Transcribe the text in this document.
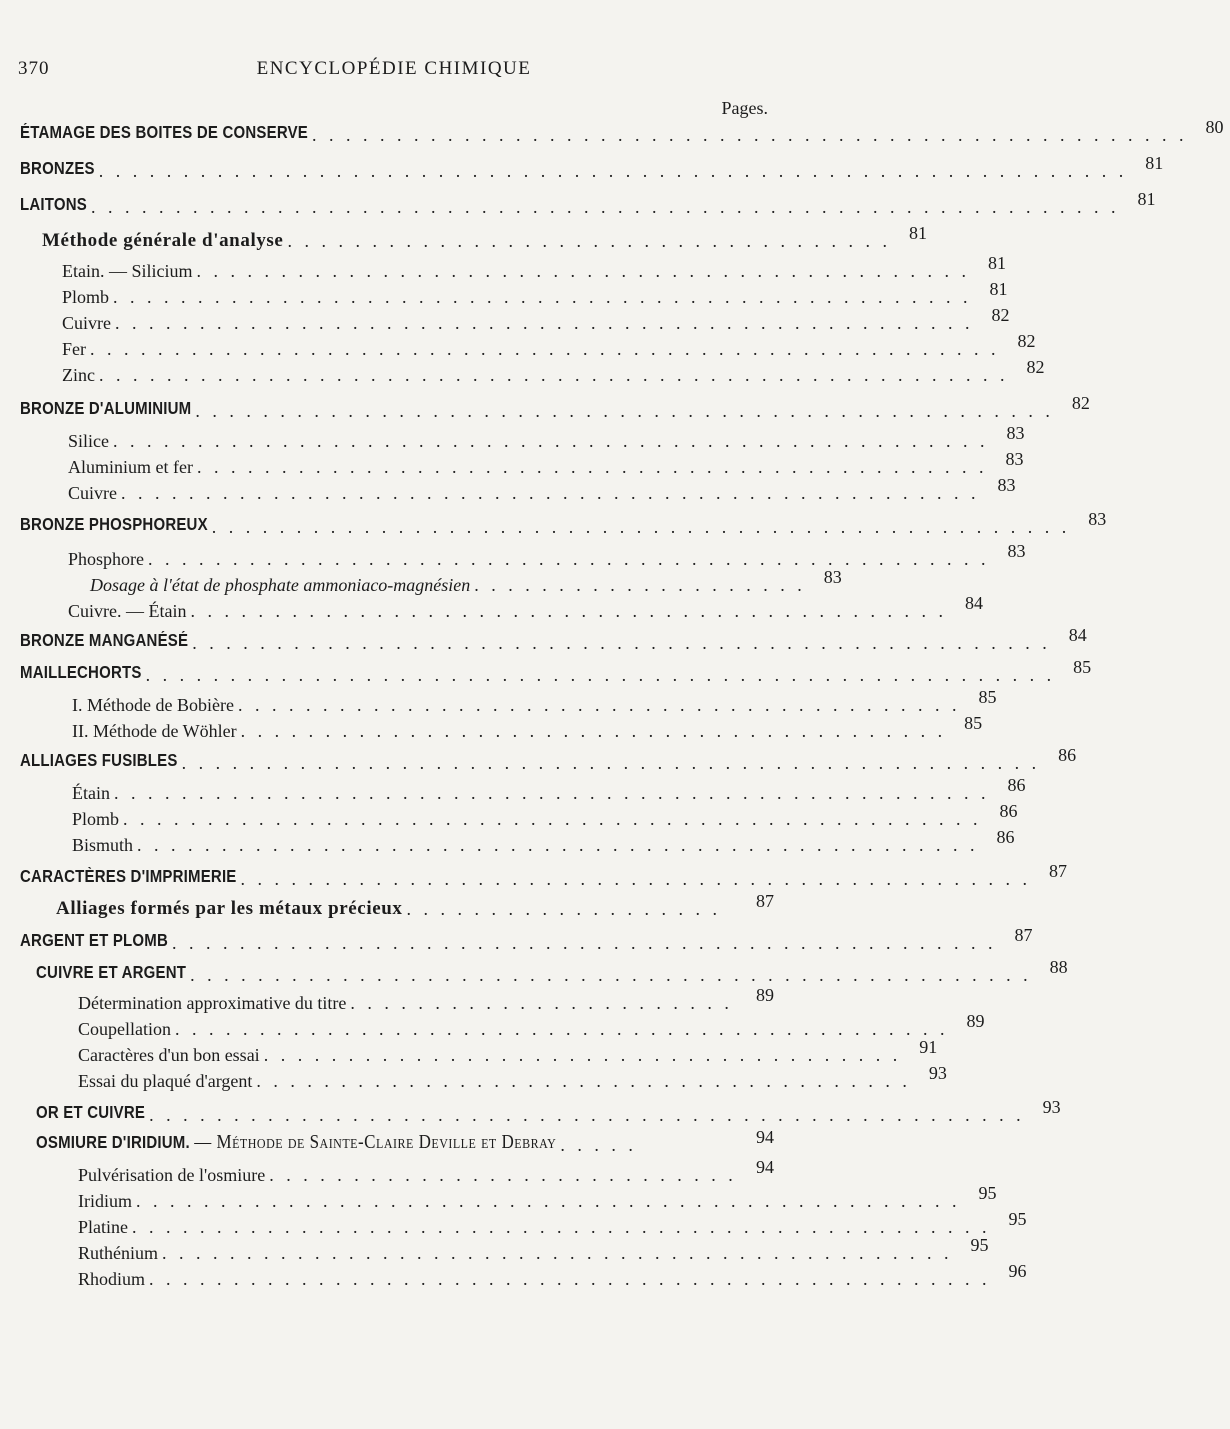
370	ENCYCLOPÉDIE CHIMIQUE
Pages.
ÉTAMAGE DES BOITES DE CONSERVE . . . . . . . . . . . . . . . . . . . . . . . . . . . . . . . . . . . . . . . . . . . . . . . . . . . .	80
BRONZES . . . . . . . . . . . . . . . . . . . . . . . . . . . . . . . . . . . . . . . . . . . . . . . . . . . . . . . . . . . . .	81
LAITONS . . . . . . . . . . . . . . . . . . . . . . . . . . . . . . . . . . . . . . . . . . . . . . . . . . . . . . . . . . . . .	81
Méthode générale d'analyse . . . . . . . . . . . . . . . . . . . . . . . . . . . . . . . . . . . .	81
Etain. — Silicium . . . . . . . . . . . . . . . . . . . . . . . . . . . . . . . . . . . . . . . . . . . . . .	81
Plomb . . . . . . . . . . . . . . . . . . . . . . . . . . . . . . . . . . . . . . . . . . . . . . . . . . .	81
Cuivre . . . . . . . . . . . . . . . . . . . . . . . . . . . . . . . . . . . . . . . . . . . . . . . . . . .	82
Fer . . . . . . . . . . . . . . . . . . . . . . . . . . . . . . . . . . . . . . . . . . . . . . . . . . . . . .	82
Zinc . . . . . . . . . . . . . . . . . . . . . . . . . . . . . . . . . . . . . . . . . . . . . . . . . . . . . .	82
BRONZE D'ALUMINIUM . . . . . . . . . . . . . . . . . . . . . . . . . . . . . . . . . . . . . . . . . . . . . . . . . . .	82
Silice . . . . . . . . . . . . . . . . . . . . . . . . . . . . . . . . . . . . . . . . . . . . . . . . . . . .	83
Aluminium et fer . . . . . . . . . . . . . . . . . . . . . . . . . . . . . . . . . . . . . . . . . . . . . . .	83
Cuivre . . . . . . . . . . . . . . . . . . . . . . . . . . . . . . . . . . . . . . . . . . . . . . . . . . .	83
BRONZE PHOSPHOREUX . . . . . . . . . . . . . . . . . . . . . . . . . . . . . . . . . . . . . . . . . . . . . . . . . . .	83
Phosphore . . . . . . . . . . . . . . . . . . . . . . . . . . . . . . . . . . . . . . . . . . . . . . . . . .	83
Dosage à l'état de phosphate ammoniaco-magnésien . . . . . . . . . . . . . . . . . . . .	83
Cuivre. — Étain . . . . . . . . . . . . . . . . . . . . . . . . . . . . . . . . . . . . . . . . . . . . .	84
BRONZE MANGANÉSÉ . . . . . . . . . . . . . . . . . . . . . . . . . . . . . . . . . . . . . . . . . . . . . . . . . . .	84
MAILLECHORTS . . . . . . . . . . . . . . . . . . . . . . . . . . . . . . . . . . . . . . . . . . . . . . . . . . . . . .	85
I. Méthode de Bobière . . . . . . . . . . . . . . . . . . . . . . . . . . . . . . . . . . . . . . . . . . .	85
II. Méthode de Wöhler . . . . . . . . . . . . . . . . . . . . . . . . . . . . . . . . . . . . . . . . . .	85
ALLIAGES FUSIBLES . . . . . . . . . . . . . . . . . . . . . . . . . . . . . . . . . . . . . . . . . . . . . . . . . . .	86
Étain . . . . . . . . . . . . . . . . . . . . . . . . . . . . . . . . . . . . . . . . . . . . . . . . . . . .	86
Plomb . . . . . . . . . . . . . . . . . . . . . . . . . . . . . . . . . . . . . . . . . . . . . . . . . . .	86
Bismuth . . . . . . . . . . . . . . . . . . . . . . . . . . . . . . . . . . . . . . . . . . . . . . . . . .	86
CARACTÈRES D'IMPRIMERIE . . . . . . . . . . . . . . . . . . . . . . . . . . . . . . . . . . . . . . . . . . . . . . .	87
Alliages formés par les métaux précieux . . . . . . . . . . . . . . . . . . .	87
ARGENT ET PLOMB . . . . . . . . . . . . . . . . . . . . . . . . . . . . . . . . . . . . . . . . . . . . . . . . .	87
CUIVRE ET ARGENT . . . . . . . . . . . . . . . . . . . . . . . . . . . . . . . . . . . . . . . . . . . . . . . . . .	88
Détermination approximative du titre . . . . . . . . . . . . . . . . . . . . . . .	89
Coupellation . . . . . . . . . . . . . . . . . . . . . . . . . . . . . . . . . . . . . . . . . . . . . .	89
Caractères d'un bon essai . . . . . . . . . . . . . . . . . . . . . . . . . . . . . . . . . . . . . .	91
Essai du plaqué d'argent . . . . . . . . . . . . . . . . . . . . . . . . . . . . . . . . . . . . . . .	93
OR ET CUIVRE . . . . . . . . . . . . . . . . . . . . . . . . . . . . . . . . . . . . . . . . . . . . . . . . . . . .	93
OSMIURE D'IRIDIUM. — Méthode de Sainte-Claire Deville et Debray . . . . .	94
Pulvérisation de l'osmiure . . . . . . . . . . . . . . . . . . . . . . . . . . . .	94
Iridium . . . . . . . . . . . . . . . . . . . . . . . . . . . . . . . . . . . . . . . . . . . . . . . . .	95
Platine . . . . . . . . . . . . . . . . . . . . . . . . . . . . . . . . . . . . . . . . . . . . . . . . . . .	95
Ruthénium . . . . . . . . . . . . . . . . . . . . . . . . . . . . . . . . . . . . . . . . . . . . . . .	95
Rhodium . . . . . . . . . . . . . . . . . . . . . . . . . . . . . . . . . . . . . . . . . . . . . . . . . .	96
